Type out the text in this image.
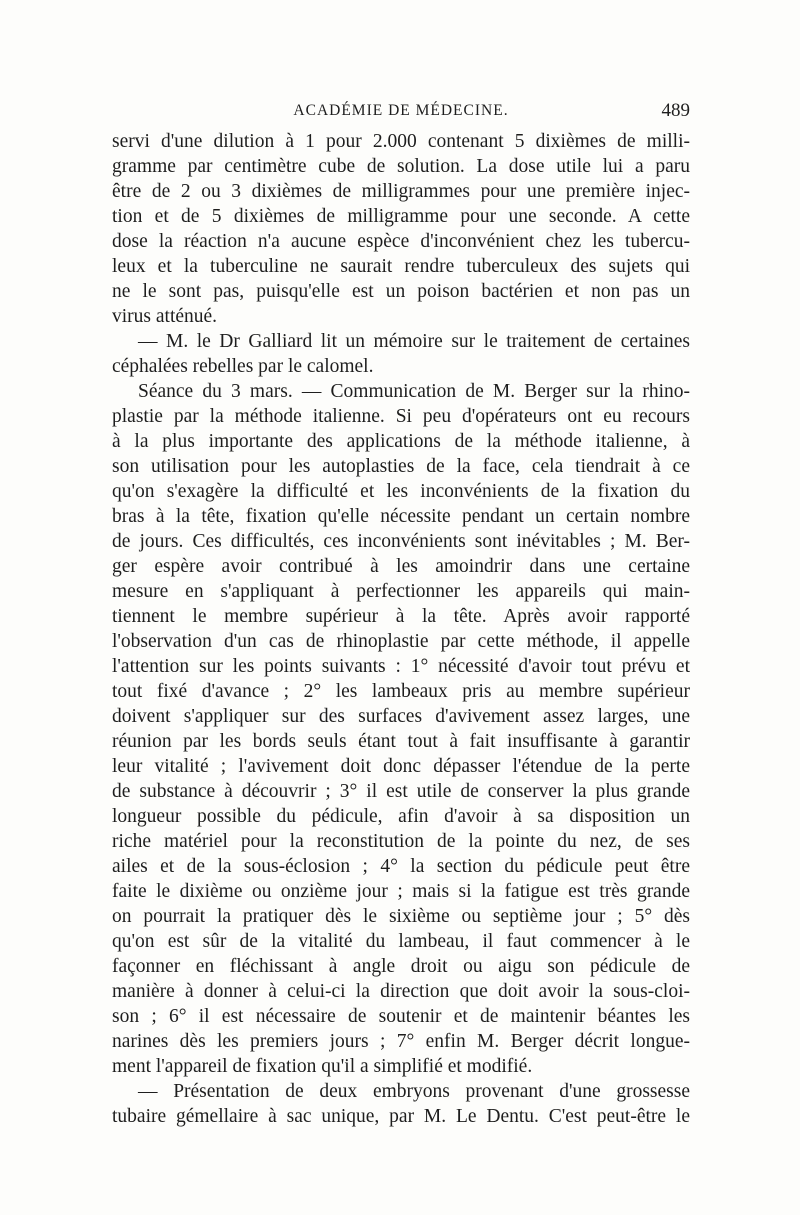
ACADÉMIE DE MÉDECINE.	489
servi d'une dilution à 1 pour 2.000 contenant 5 dixièmes de milli-
gramme par centimètre cube de solution. La dose utile lui a paru
être de 2 ou 3 dixièmes de milligrammes pour une première injec-
tion et de 5 dixièmes de milligramme pour une seconde. A cette
dose la réaction n'a aucune espèce d'inconvénient chez les tubercu-
leux et la tuberculine ne saurait rendre tuberculeux des sujets qui
ne le sont pas, puisqu'elle est un poison bactérien et non pas un
virus atténué.
— M. le Dr Galliard lit un mémoire sur le traitement de certaines
céphalées rebelles par le calomel.
Séance du 3 mars. — Communication de M. Berger sur la rhino-
plastie par la méthode italienne. Si peu d'opérateurs ont eu recours
à la plus importante des applications de la méthode italienne, à
son utilisation pour les autoplasties de la face, cela tiendrait à ce
qu'on s'exagère la difficulté et les inconvénients de la fixation du
bras à la tête, fixation qu'elle nécessite pendant un certain nombre
de jours. Ces difficultés, ces inconvénients sont inévitables ; M. Ber-
ger espère avoir contribué à les amoindrir dans une certaine
mesure en s'appliquant à perfectionner les appareils qui main-
tiennent le membre supérieur à la tête. Après avoir rapporté
l'observation d'un cas de rhinoplastie par cette méthode, il appelle
l'attention sur les points suivants : 1° nécessité d'avoir tout prévu et
tout fixé d'avance ; 2° les lambeaux pris au membre supérieur
doivent s'appliquer sur des surfaces d'avivement assez larges, une
réunion par les bords seuls étant tout à fait insuffisante à garantir
leur vitalité ; l'avivement doit donc dépasser l'étendue de la perte
de substance à découvrir ; 3° il est utile de conserver la plus grande
longueur possible du pédicule, afin d'avoir à sa disposition un
riche matériel pour la reconstitution de la pointe du nez, de ses
ailes et de la sous-éclosion ; 4° la section du pédicule peut être
faite le dixième ou onzième jour ; mais si la fatigue est très grande
on pourrait la pratiquer dès le sixième ou septième jour ; 5° dès
qu'on est sûr de la vitalité du lambeau, il faut commencer à le
façonner en fléchissant à angle droit ou aigu son pédicule de
manière à donner à celui-ci la direction que doit avoir la sous-cloi-
son ; 6° il est nécessaire de soutenir et de maintenir béantes les
narines dès les premiers jours ; 7° enfin M. Berger décrit longue-
ment l'appareil de fixation qu'il a simplifié et modifié.
— Présentation de deux embryons provenant d'une grossesse
tubaire gémellaire à sac unique, par M. Le Dentu. C'est peut-être le
